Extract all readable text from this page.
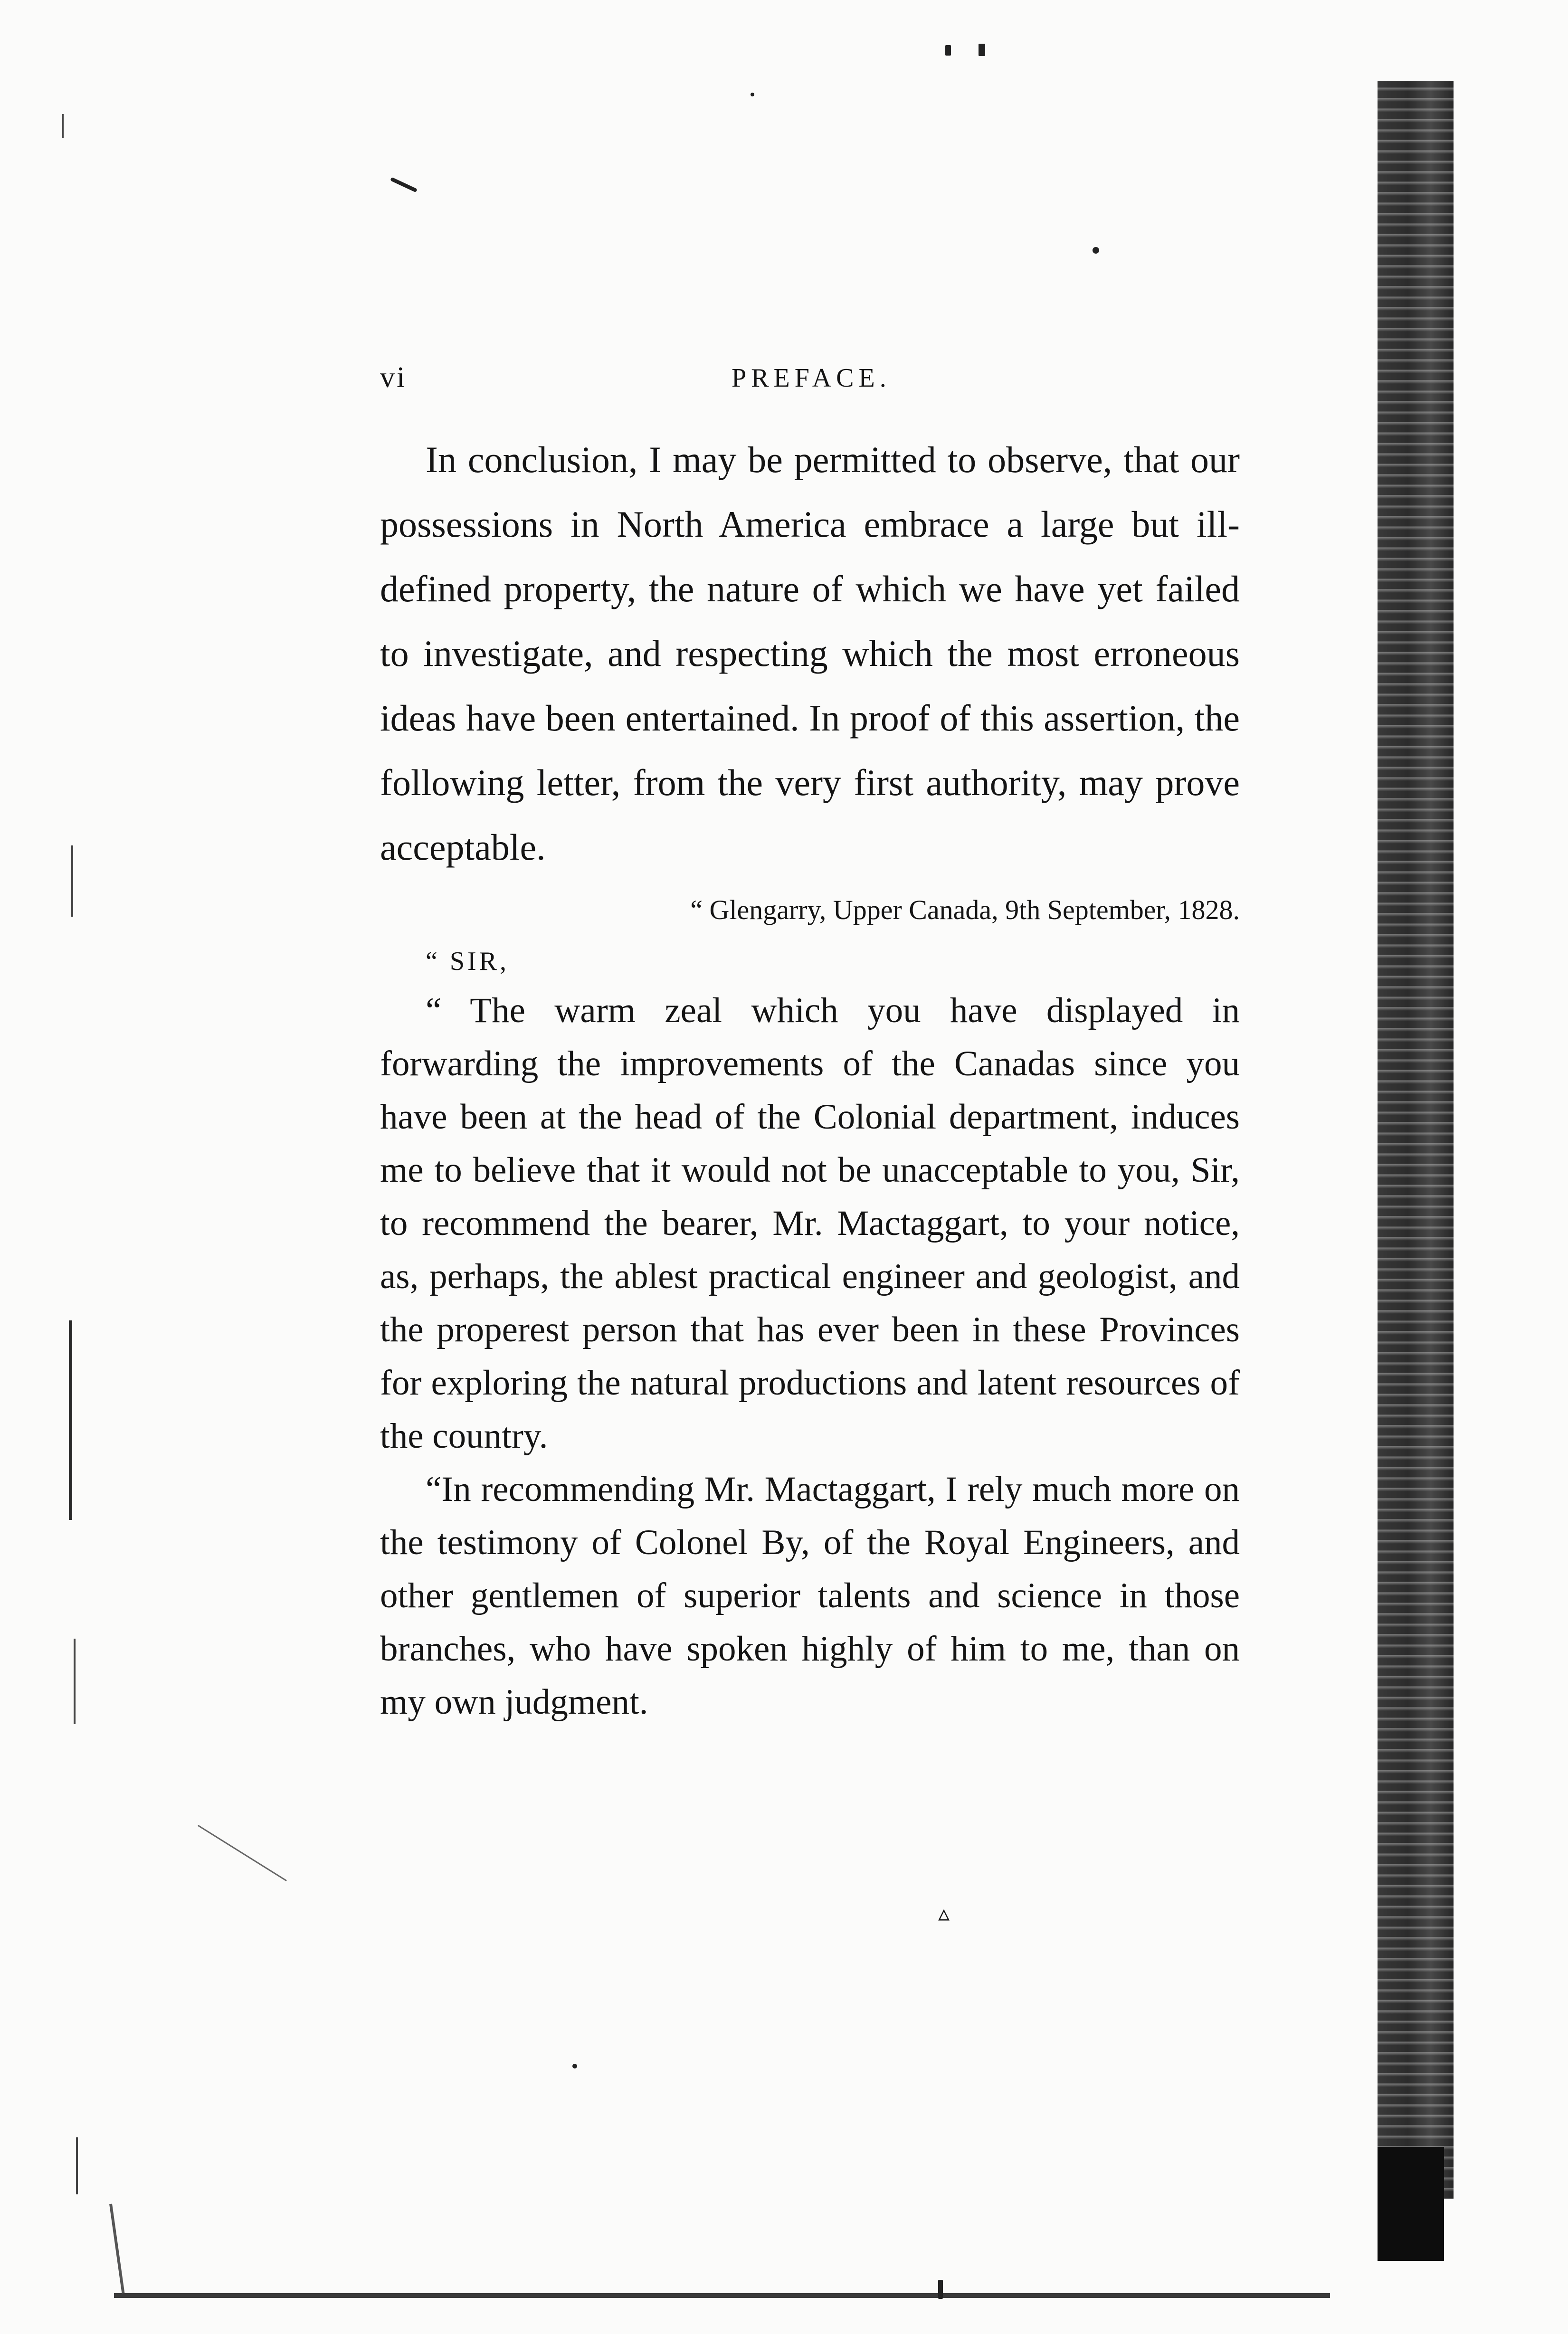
vi	PREFACE.

In conclusion, I may be permitted to observe, that our possessions in North America embrace a large but ill-defined property, the nature of which we have yet failed to investigate, and respecting which the most erroneous ideas have been entertained. In proof of this assertion, the following letter, from the very first authority, may prove acceptable.

“ Glengarry, Upper Canada, 9th September, 1828.

“ SIR,

“ The warm zeal which you have displayed in forwarding the improvements of the Canadas since you have been at the head of the Colonial department, induces me to believe that it would not be unacceptable to you, Sir, to recommend the bearer, Mr. Mactaggart, to your notice, as, perhaps, the ablest practical engineer and geologist, and the properest person that has ever been in these Provinces for exploring the natural productions and latent resources of the country.

“In recommending Mr. Mactaggart, I rely much more on the testimony of Colonel By, of the Royal Engineers, and other gentlemen of superior talents and science in those branches, who have spoken highly of him to me, than on my own judgment.

▵
